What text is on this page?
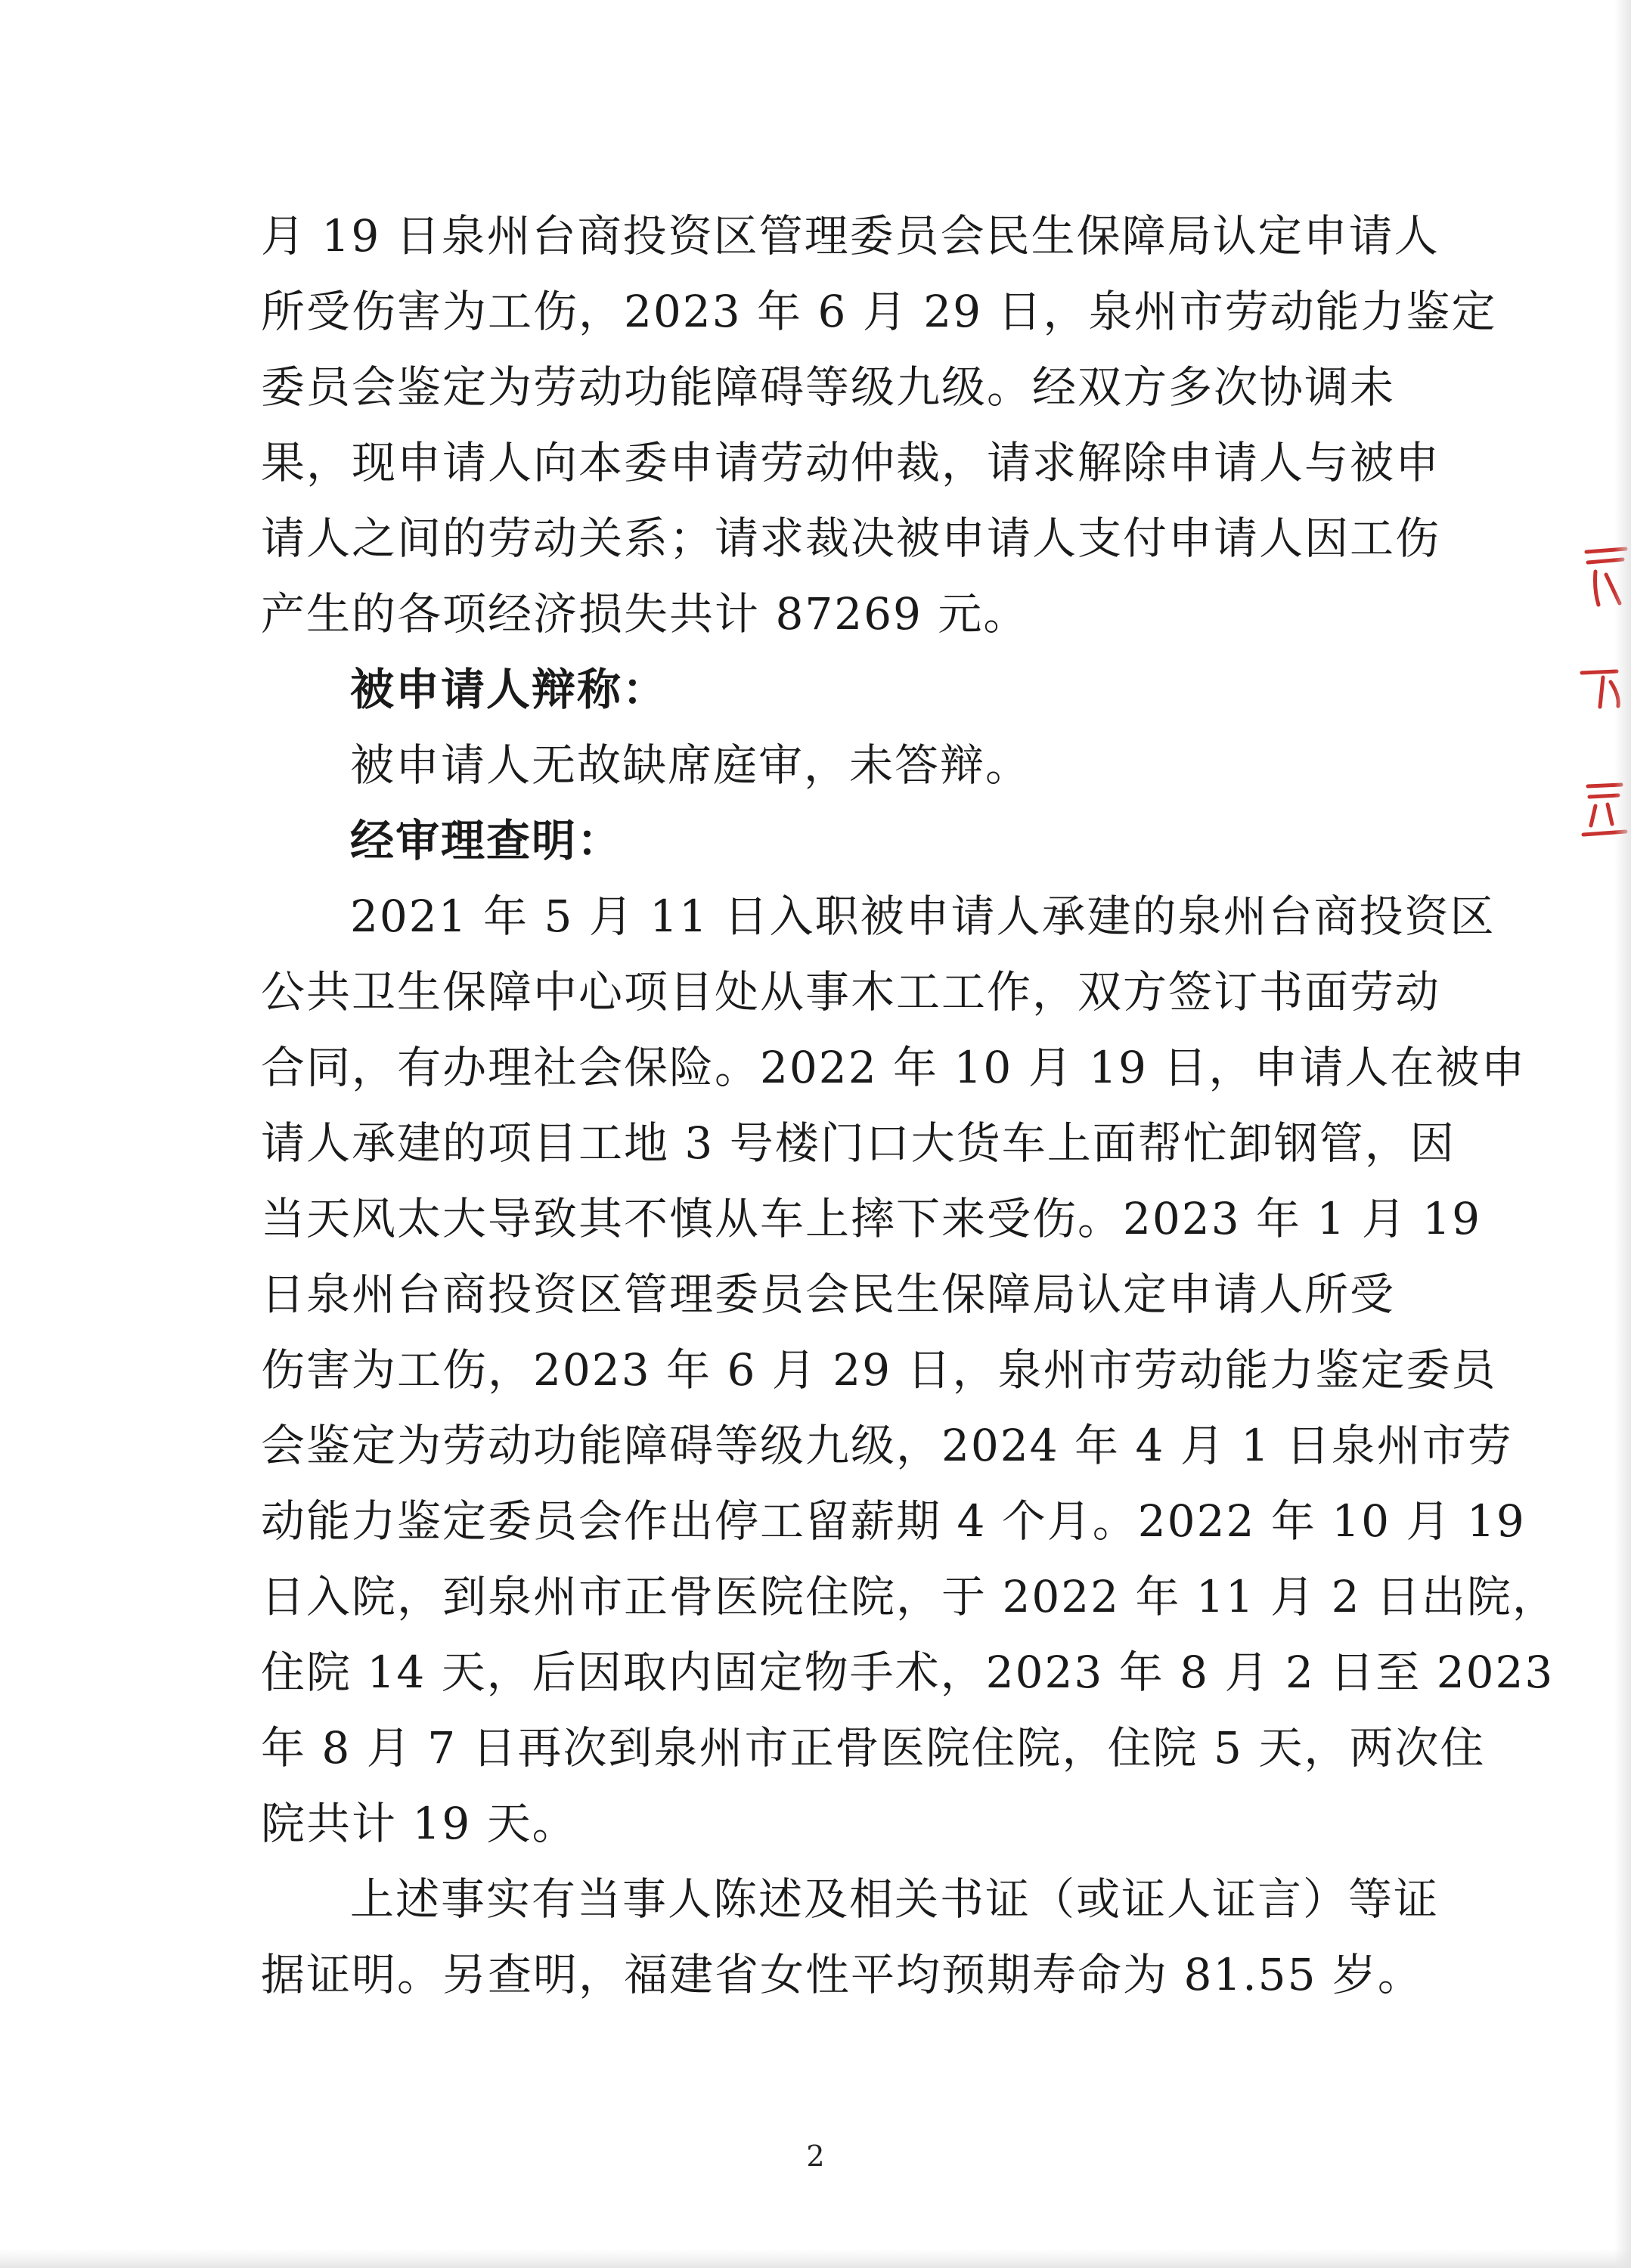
月 19 日泉州台商投资区管理委员会民生保障局认定申请人
所受伤害为工伤，2023 年 6 月 29 日，泉州市劳动能力鉴定
委员会鉴定为劳动功能障碍等级九级。经双方多次协调未
果，现申请人向本委申请劳动仲裁，请求解除申请人与被申
请人之间的劳动关系；请求裁决被申请人支付申请人因工伤
产生的各项经济损失共计 87269 元。
被申请人辩称：
被申请人无故缺席庭审，未答辩。
经审理查明：
2021 年 5 月 11 日入职被申请人承建的泉州台商投资区
公共卫生保障中心项目处从事木工工作，双方签订书面劳动
合同，有办理社会保险。2022 年 10 月 19 日，申请人在被申
请人承建的项目工地 3 号楼门口大货车上面帮忙卸钢管，因
当天风太大导致其不慎从车上摔下来受伤。2023 年 1 月 19
日泉州台商投资区管理委员会民生保障局认定申请人所受
伤害为工伤，2023 年 6 月 29 日，泉州市劳动能力鉴定委员
会鉴定为劳动功能障碍等级九级，2024 年 4 月 1 日泉州市劳
动能力鉴定委员会作出停工留薪期 4 个月。2022 年 10 月 19
日入院，到泉州市正骨医院住院，于 2022 年 11 月 2 日出院，
住院 14 天，后因取内固定物手术，2023 年 8 月 2 日至 2023
年 8 月 7 日再次到泉州市正骨医院住院，住院 5 天，两次住
院共计 19 天。
上述事实有当事人陈述及相关书证（或证人证言）等证
据证明。另查明，福建省女性平均预期寿命为 81.55 岁。
2
